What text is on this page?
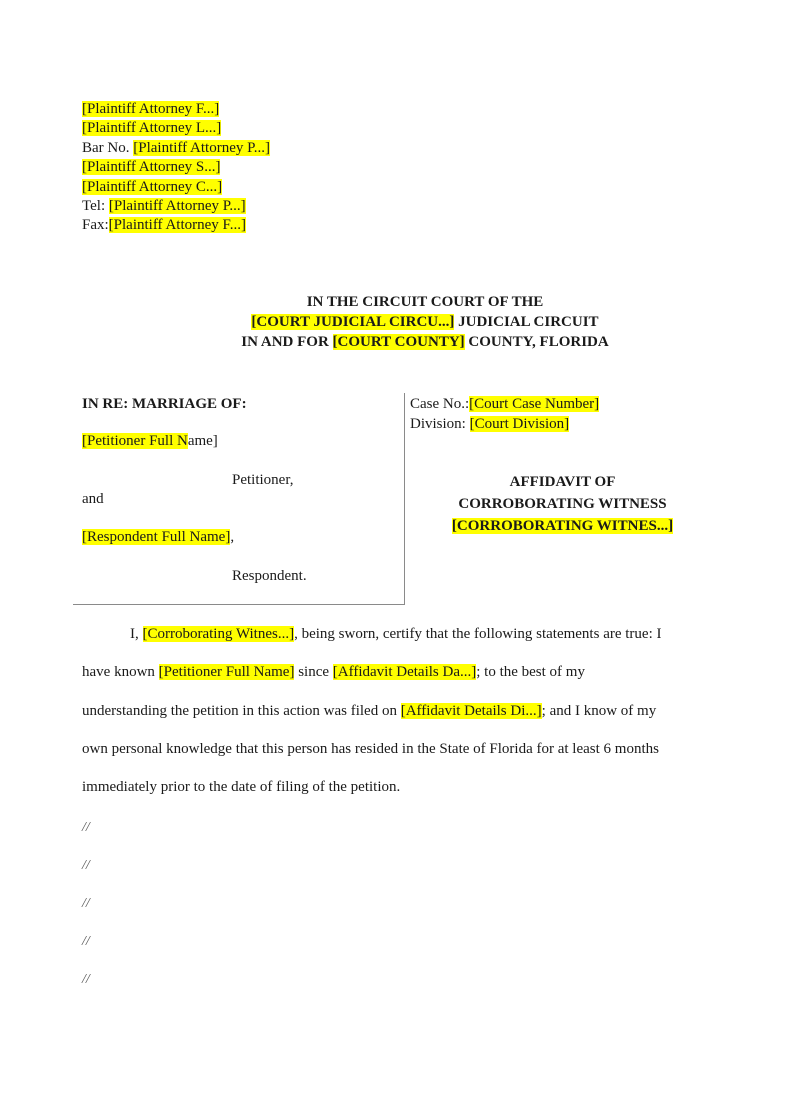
[Plaintiff Attorney F...]
[Plaintiff Attorney L...]
Bar No. [Plaintiff Attorney P...]
[Plaintiff Attorney S...]
[Plaintiff Attorney C...]
Tel: [Plaintiff Attorney P...]
Fax:[Plaintiff Attorney F...]
IN THE CIRCUIT COURT OF THE
[COURT JUDICIAL CIRCU...] JUDICIAL CIRCUIT
IN AND FOR [COURT COUNTY] COUNTY, FLORIDA
IN RE: MARRIAGE OF:
[Petitioner Full Name]
Petitioner,
and
[Respondent Full Name],
Respondent.
Case No.:[Court Case Number]
Division: [Court Division]
AFFIDAVIT OF
CORROBORATING WITNESS
[CORROBORATING WITNES...]
I, [Corroborating Witnes...], being sworn, certify that the following statements are true: I
have known [Petitioner Full Name] since [Affidavit Details Da...]; to the best of my
understanding the petition in this action was filed on [Affidavit Details Di...]; and I know of my
own personal knowledge that this person has resided in the State of Florida for at least 6 months
immediately prior to the date of filing of the petition.
//
//
//
//
//
